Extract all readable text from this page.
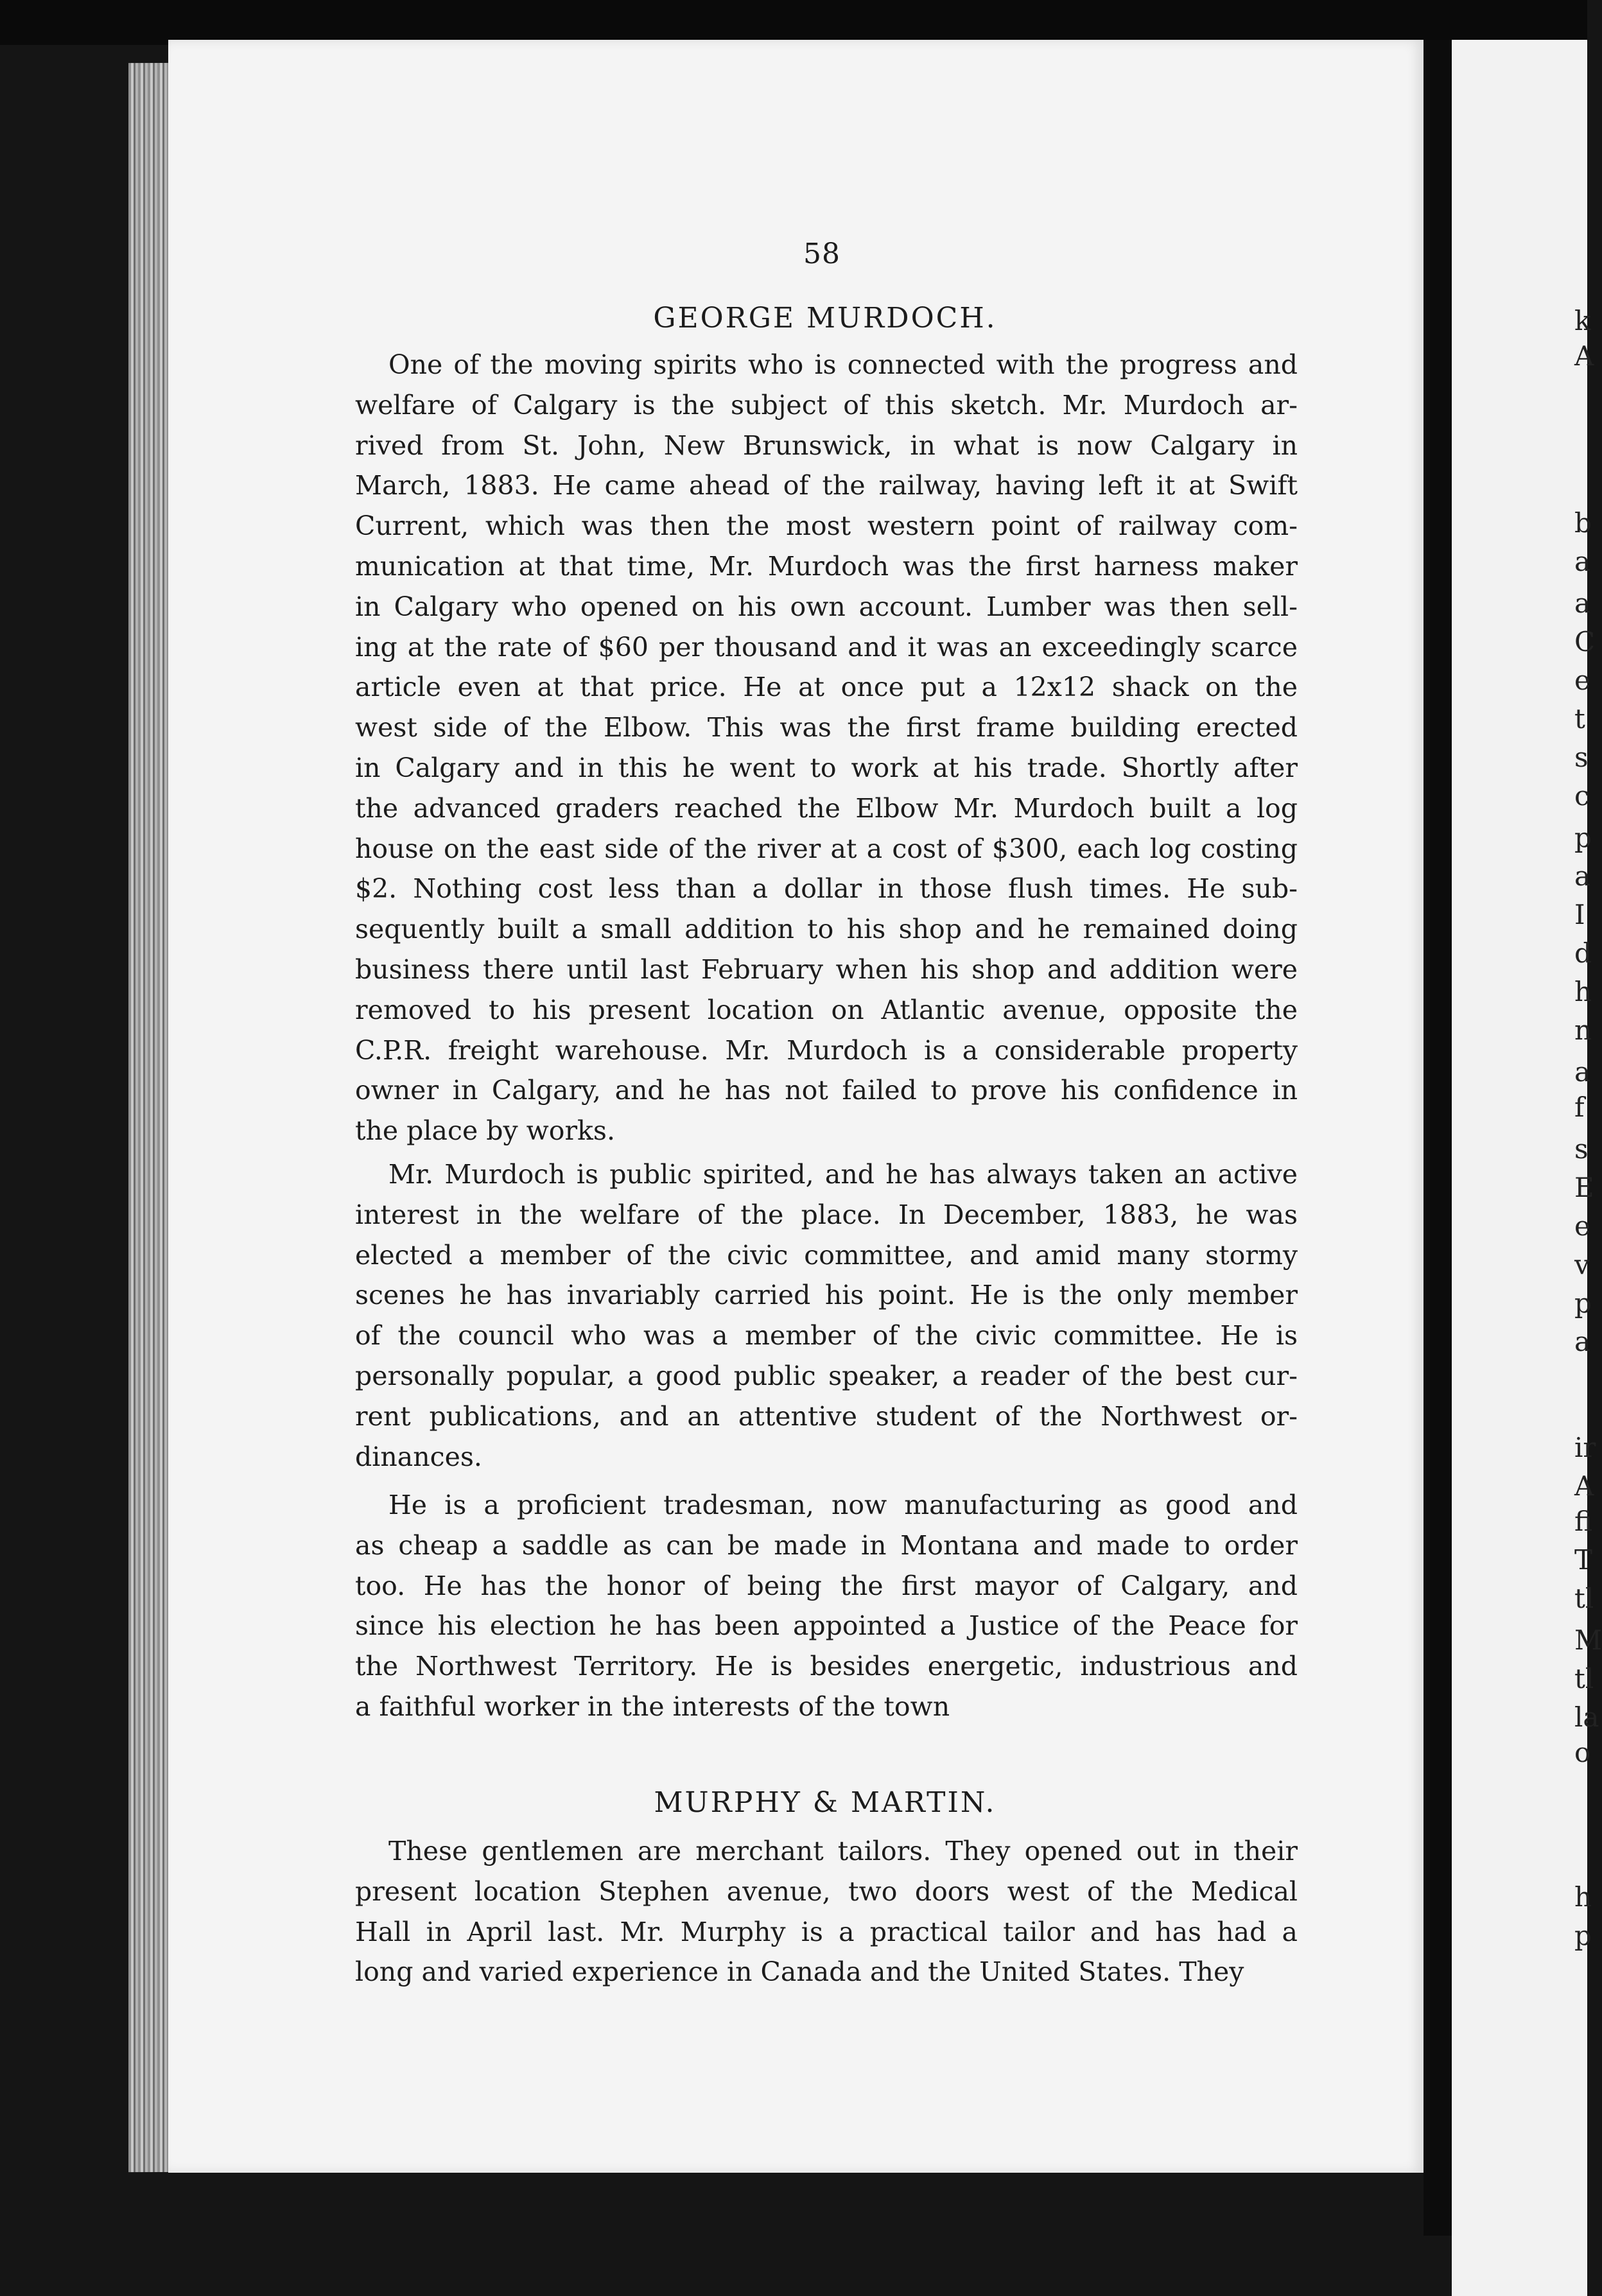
58
GEORGE MURDOCH.
One of the moving spirits who is connected with the progress and
welfare of Calgary is the subject of this sketch. Mr. Murdoch ar-
rived from St. John, New Brunswick, in what is now Calgary in
March, 1883. He came ahead of the railway, having left it at Swift
Current, which was then the most western point of railway com-
munication at that time, Mr. Murdoch was the first harness maker
in Calgary who opened on his own account. Lumber was then sell-
ing at the rate of $60 per thousand and it was an exceedingly scarce
article even at that price. He at once put a 12x12 shack on the
west side of the Elbow. This was the first frame building erected
in Calgary and in this he went to work at his trade. Shortly after
the advanced graders reached the Elbow Mr. Murdoch built a log
house on the east side of the river at a cost of $300, each log costing
$2. Nothing cost less than a dollar in those flush times. He sub-
sequently built a small addition to his shop and he remained doing
business there until last February when his shop and addition were
removed to his present location on Atlantic avenue, opposite the
C.P.R. freight warehouse. Mr. Murdoch is a considerable property
owner in Calgary, and he has not failed to prove his confidence in
the place by works.
Mr. Murdoch is public spirited, and he has always taken an active
interest in the welfare of the place. In December, 1883, he was
elected a member of the civic committee, and amid many stormy
scenes he has invariably carried his point. He is the only member
of the council who was a member of the civic committee. He is
personally popular, a good public speaker, a reader of the best cur-
rent publications, and an attentive student of the Northwest or-
dinances.
He is a proficient tradesman, now manufacturing as good and
as cheap a saddle as can be made in Montana and made to order
too. He has the honor of being the first mayor of Calgary, and
since his election he has been appointed a Justice of the Peace for
the Northwest Territory. He is besides energetic, industrious and
a faithful worker in the interests of the town
MURPHY & MARTIN.
These gentlemen are merchant tailors. They opened out in their
present location Stephen avenue, two doors west of the Medical
Hall in April last. Mr. Murphy is a practical tailor and has had a
long and varied experience in Canada and the United States. They
k
A
b
a
a
C
e
t
s
c
p
a
I
d
h
n
a
f
s
E
e
v
p
a
ir
A
fi
T
tl
M
tl
la
o
h
p
